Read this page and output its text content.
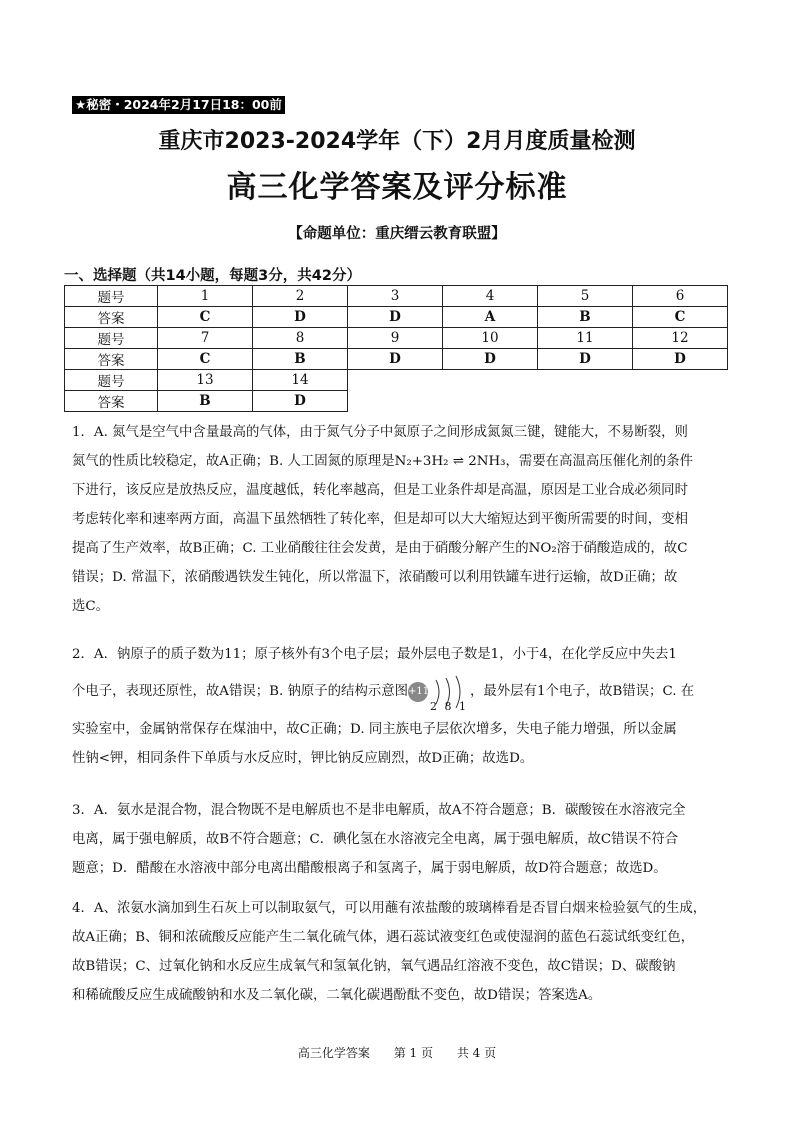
★秘密・2024年2月17日18：00前
重庆市2023-2024学年（下）2月月度质量检测
高三化学答案及评分标准
【命题单位：重庆缙云教育联盟】
一、选择题（共14小题，每题3分，共42分）
题号	1	2	3	4	5	6
答案	C	D	D	A	B	C
题号	7	8	9	10	11	12
答案	C	B	D	D	D	D
题号	13	14				
答案	B	D				
1．A. 氮气是空气中含量最高的气体，由于氮气分子中氮原子之间形成氮氮三键，键能大，不易断裂，则
氮气的性质比较稳定，故A正确；B. 人工固氮的原理是N₂+3H₂ ⇌ 2NH₃，需要在高温高压催化剂的条件
下进行，该反应是放热反应，温度越低，转化率越高，但是工业条件却是高温，原因是工业合成必须同时
考虑转化率和速率两方面，高温下虽然牺牲了转化率，但是却可以大大缩短达到平衡所需要的时间，变相
提高了生产效率，故B正确；C. 工业硝酸往往会发黄，是由于硝酸分解产生的NO₂溶于硝酸造成的，故C
错误；D. 常温下，浓硝酸遇铁发生钝化，所以常温下，浓硝酸可以利用铁罐车进行运输，故D正确；故
选C。
2．A．钠原子的质子数为11；原子核外有3个电子层；最外层电子数是1，小于4，在化学反应中失去1
个电子，表现还原性，故A错误；B. 钠原子的结构示意图 +11
2 8 1
，最外层有1个电子，故B错误；C. 在
实验室中，金属钠常保存在煤油中，故C正确；D. 同主族电子层依次增多，失电子能力增强，所以金属
性钠<钾，相同条件下单质与水反应时，钾比钠反应剧烈，故D正确；故选D。
3．A．氨水是混合物，混合物既不是电解质也不是非电解质，故A不符合题意；B．碳酸铵在水溶液完全
电离，属于强电解质，故B不符合题意；C．碘化氢在水溶液完全电离，属于强电解质，故C错误不符合
题意；D．醋酸在水溶液中部分电离出醋酸根离子和氢离子，属于弱电解质，故D符合题意；故选D。
4．A、浓氨水滴加到生石灰上可以制取氨气，可以用蘸有浓盐酸的玻璃棒看是否冒白烟来检验氨气的生成，
故A正确；B、铜和浓硫酸反应能产生二氧化硫气体，遇石蕊试液变红色或使湿润的蓝色石蕊试纸变红色，
故B错误；C、过氧化钠和水反应生成氧气和氢氧化钠，氧气遇品红溶液不变色，故C错误；D、碳酸钠
和稀硫酸反应生成硫酸钠和水及二氧化碳，二氧化碳遇酚酞不变色，故D错误；答案选A。
高三化学答案 第 1 页 共 4 页
